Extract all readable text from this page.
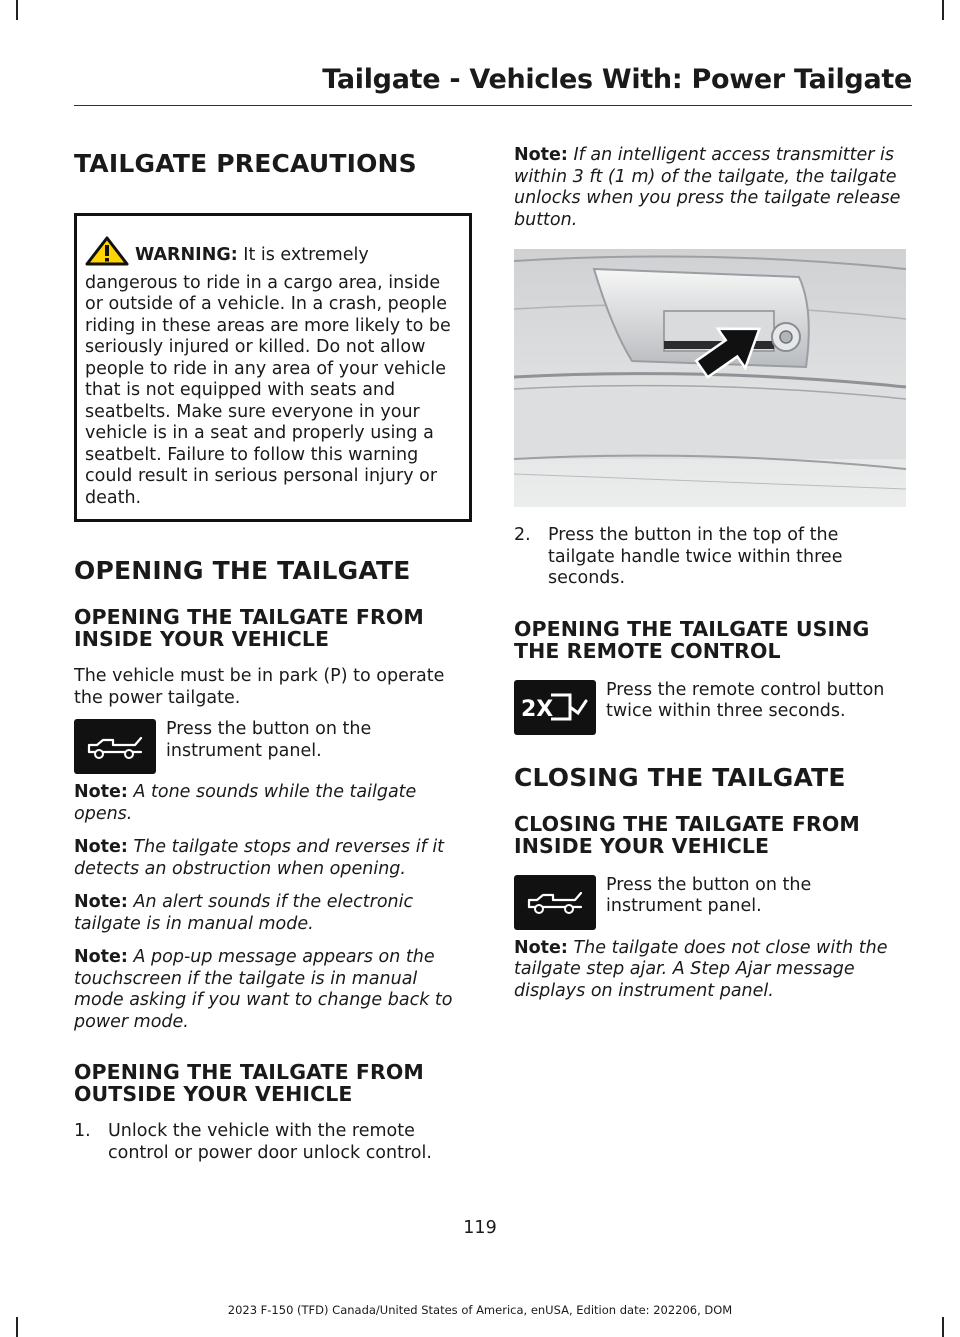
Tailgate - Vehicles With: Power Tailgate
TAILGATE PRECAUTIONS
WARNING: It is extremely dangerous to ride in a cargo area, inside or outside of a vehicle. In a crash, people riding in these areas are more likely to be seriously injured or killed. Do not allow people to ride in any area of your vehicle that is not equipped with seats and seatbelts. Make sure everyone in your vehicle is in a seat and properly using a seatbelt. Failure to follow this warning could result in serious personal injury or death.
OPENING THE TAILGATE
OPENING THE TAILGATE FROM INSIDE YOUR VEHICLE

The vehicle must be in park (P) to operate the power tailgate.

Press the button on the instrument panel.

Note: A tone sounds while the tailgate opens.

Note: The tailgate stops and reverses if it detects an obstruction when opening.

Note: An alert sounds if the electronic tailgate is in manual mode.

Note: A pop-up message appears on the touchscreen if the tailgate is in manual mode asking if you want to change back to power mode.

OPENING THE TAILGATE FROM OUTSIDE YOUR VEHICLE
1. Unlock the vehicle with the remote control or power door unlock control.

Note: If an intelligent access transmitter is within 3 ft (1 m) of the tailgate, the tailgate unlocks when you press the tailgate release button.

2. Press the button in the top of the tailgate handle twice within three seconds.
OPENING THE TAILGATE USING THE REMOTE CONTROL
2X

Press the remote control button twice within three seconds.

CLOSING THE TAILGATE
CLOSING THE TAILGATE FROM INSIDE YOUR VEHICLE

Press the button on the instrument panel.

Note: The tailgate does not close with the tailgate step ajar. A Step Ajar message displays on instrument panel.

119
2023 F-150 (TFD) Canada/United States of America, enUSA, Edition date: 202206, DOM
